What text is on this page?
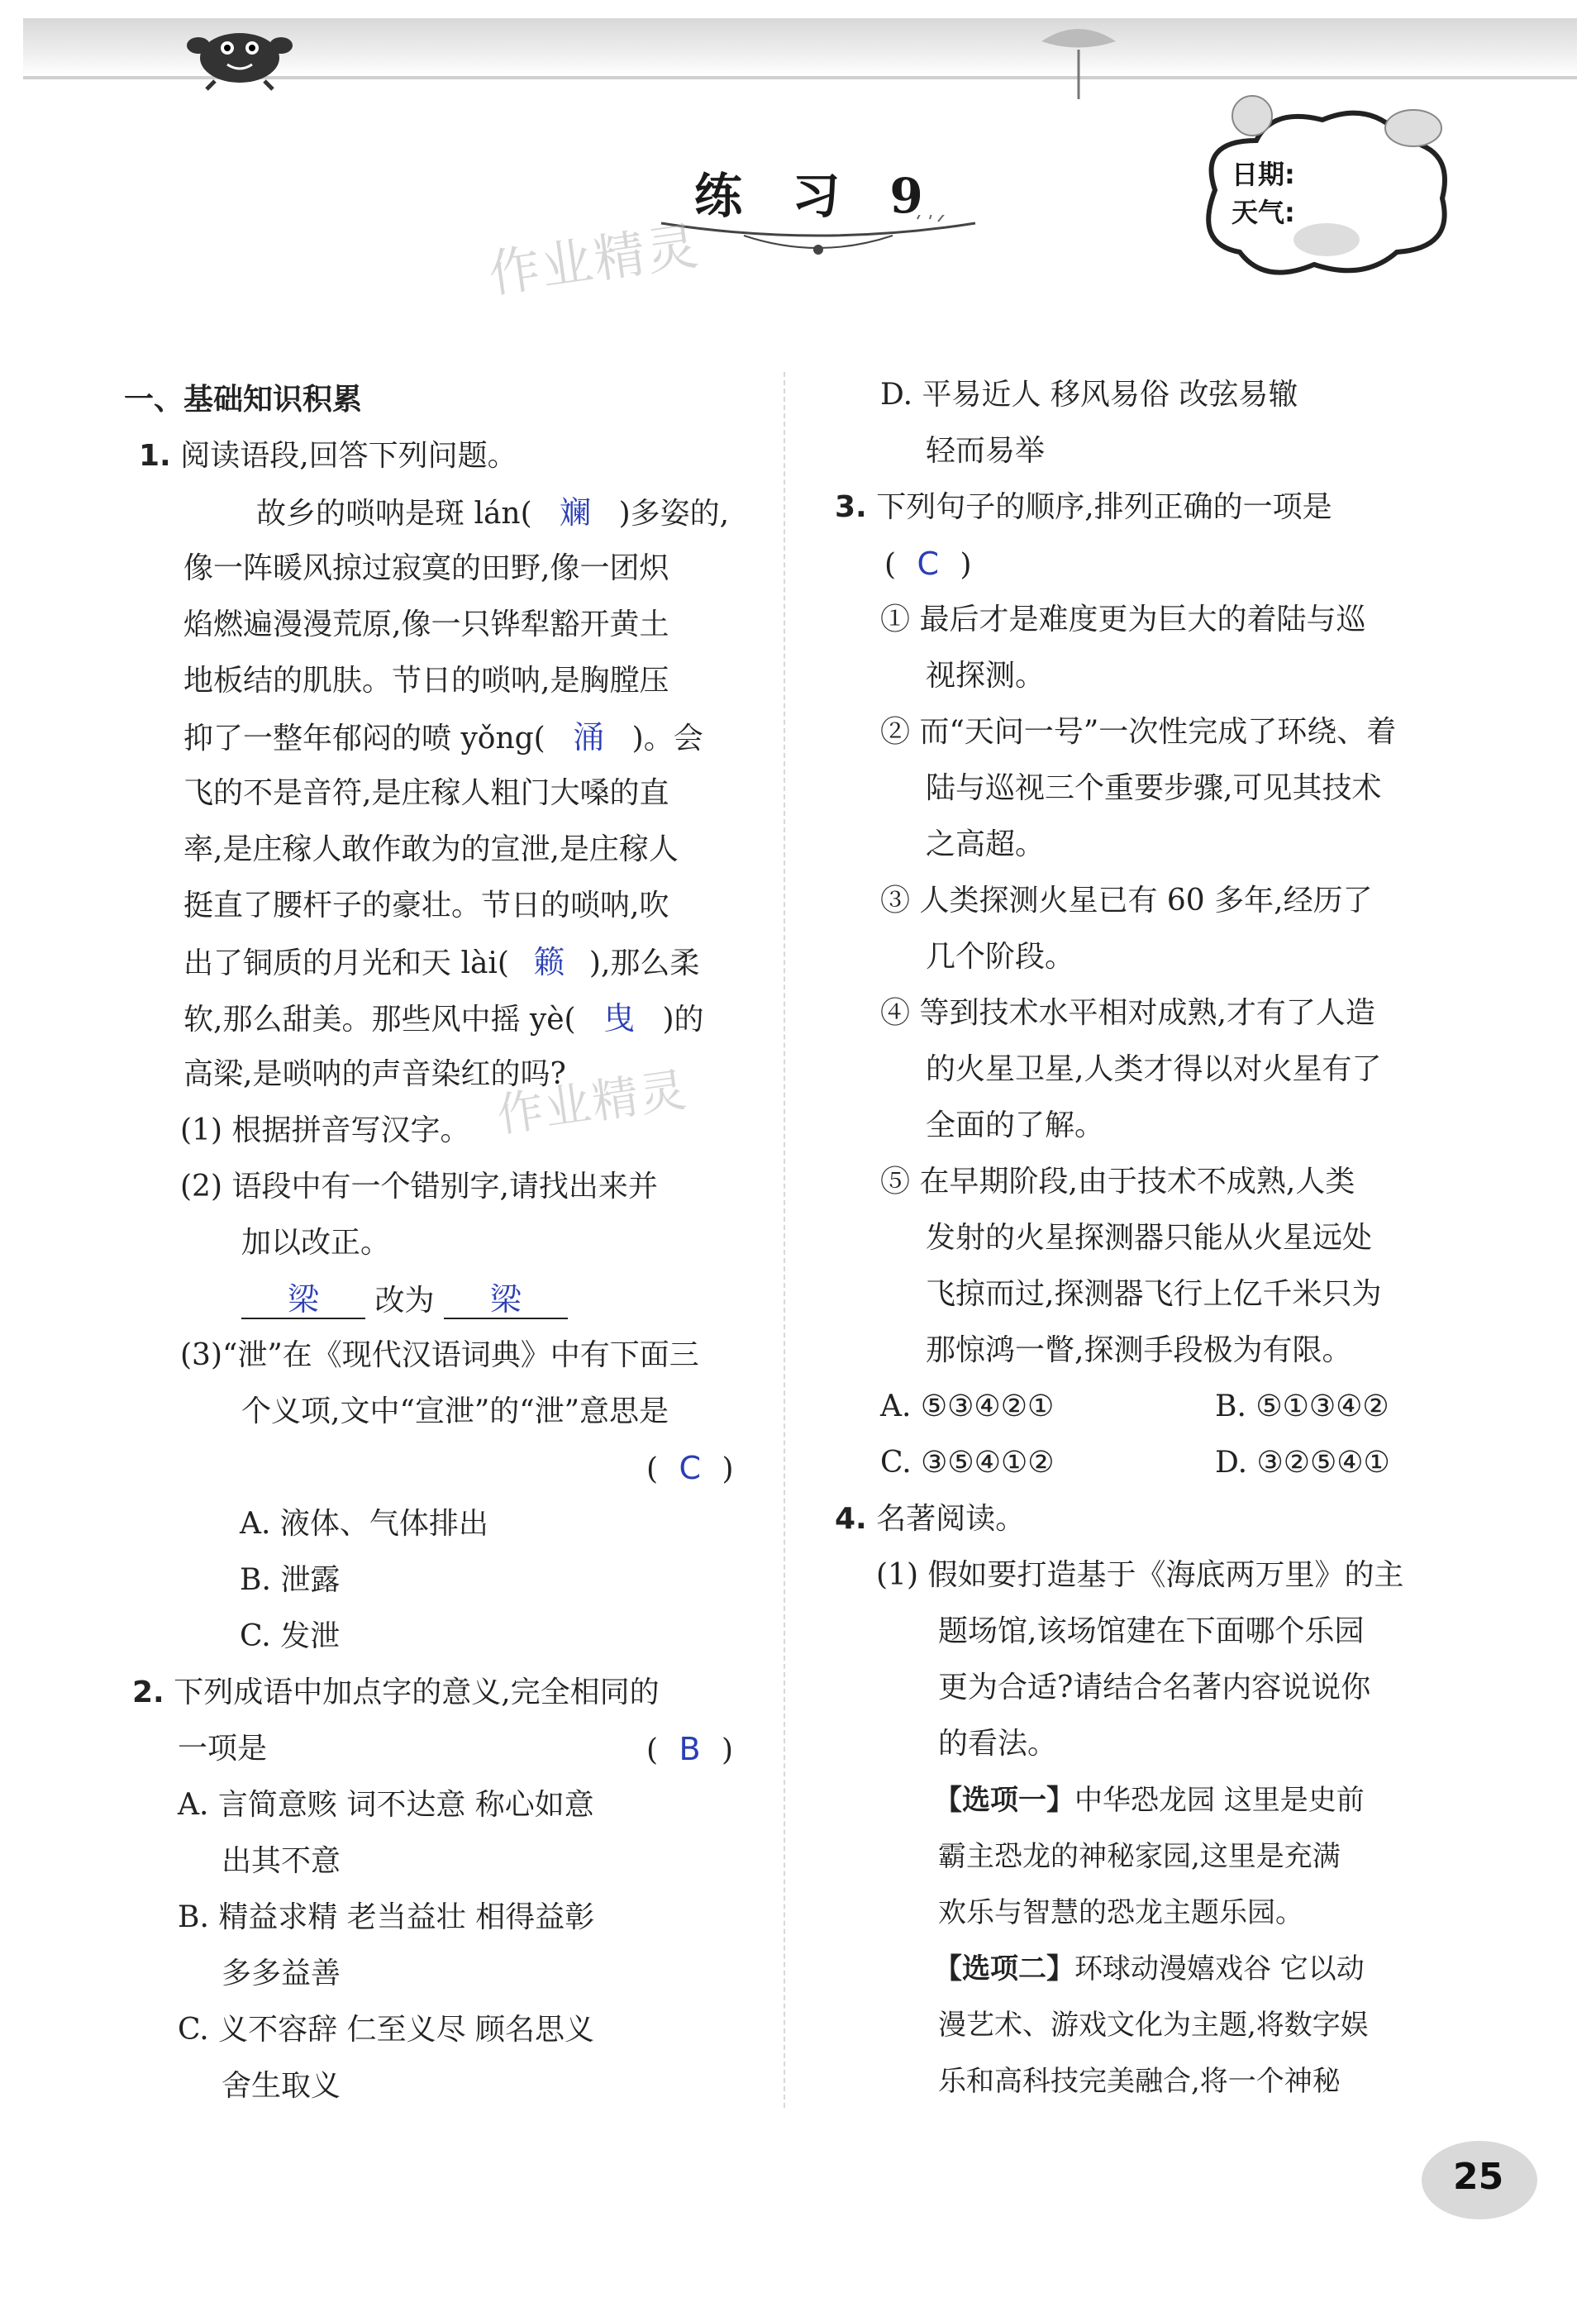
练 习 9
作业精灵
日期:
天气:
一、基础知识积累
1. 阅读语段,回答下列问题。
故乡的唢呐是斑 lán( 斓 )多姿的,
像一阵暖风掠过寂寞的田野,像一团炽
焰燃遍漫漫荒原,像一只铧犁豁开黄土
地板结的肌肤。节日的唢呐,是胸膛压
抑了一整年郁闷的喷 yǒng( 涌 )。会
飞的不是音符,是庄稼人粗门大嗓的直
率,是庄稼人敢作敢为的宣泄,是庄稼人
挺直了腰杆子的豪壮。节日的唢呐,吹
出了铜质的月光和天 lài( 籁 ),那么柔
软,那么甜美。那些风中摇 yè( 曳 )的
高梁,是唢呐的声音染红的吗?
作业精灵
(1) 根据拼音写汉字。
(2) 语段中有一个错别字,请找出来并
加以改正。
梁 改为 梁
(3)“泄”在《现代汉语词典》中有下面三
个义项,文中“宣泄”的“泄”意思是
( C )
A. 液体、气体排出
B. 泄露
C. 发泄
2. 下列成语中加点字的意义,完全相同的
一项是	( B )
A. 言简意赅 词不达意 称心如意
出其不意
B. 精益求精 老当益壮 相得益彰
多多益善
C. 义不容辞 仁至义尽 顾名思义
舍生取义
D. 平易近人 移风易俗 改弦易辙
轻而易举
3. 下列句子的顺序,排列正确的一项是
( C )
① 最后才是难度更为巨大的着陆与巡
视探测。
② 而“天问一号”一次性完成了环绕、着
陆与巡视三个重要步骤,可见其技术
之高超。
③ 人类探测火星已有 60 多年,经历了
几个阶段。
④ 等到技术水平相对成熟,才有了人造
的火星卫星,人类才得以对火星有了
全面的了解。
⑤ 在早期阶段,由于技术不成熟,人类
发射的火星探测器只能从火星远处
飞掠而过,探测器飞行上亿千米只为
那惊鸿一瞥,探测手段极为有限。
A. ⑤③④②①	B. ⑤①③④②
C. ③⑤④①②	D. ③②⑤④①
4. 名著阅读。
(1) 假如要打造基于《海底两万里》的主
题场馆,该场馆建在下面哪个乐园
更为合适?请结合名著内容说说你
的看法。
【选项一】中华恐龙园 这里是史前
霸主恐龙的神秘家园,这里是充满
欢乐与智慧的恐龙主题乐园。
【选项二】环球动漫嬉戏谷 它以动
漫艺术、游戏文化为主题,将数字娱
乐和高科技完美融合,将一个神秘
25
